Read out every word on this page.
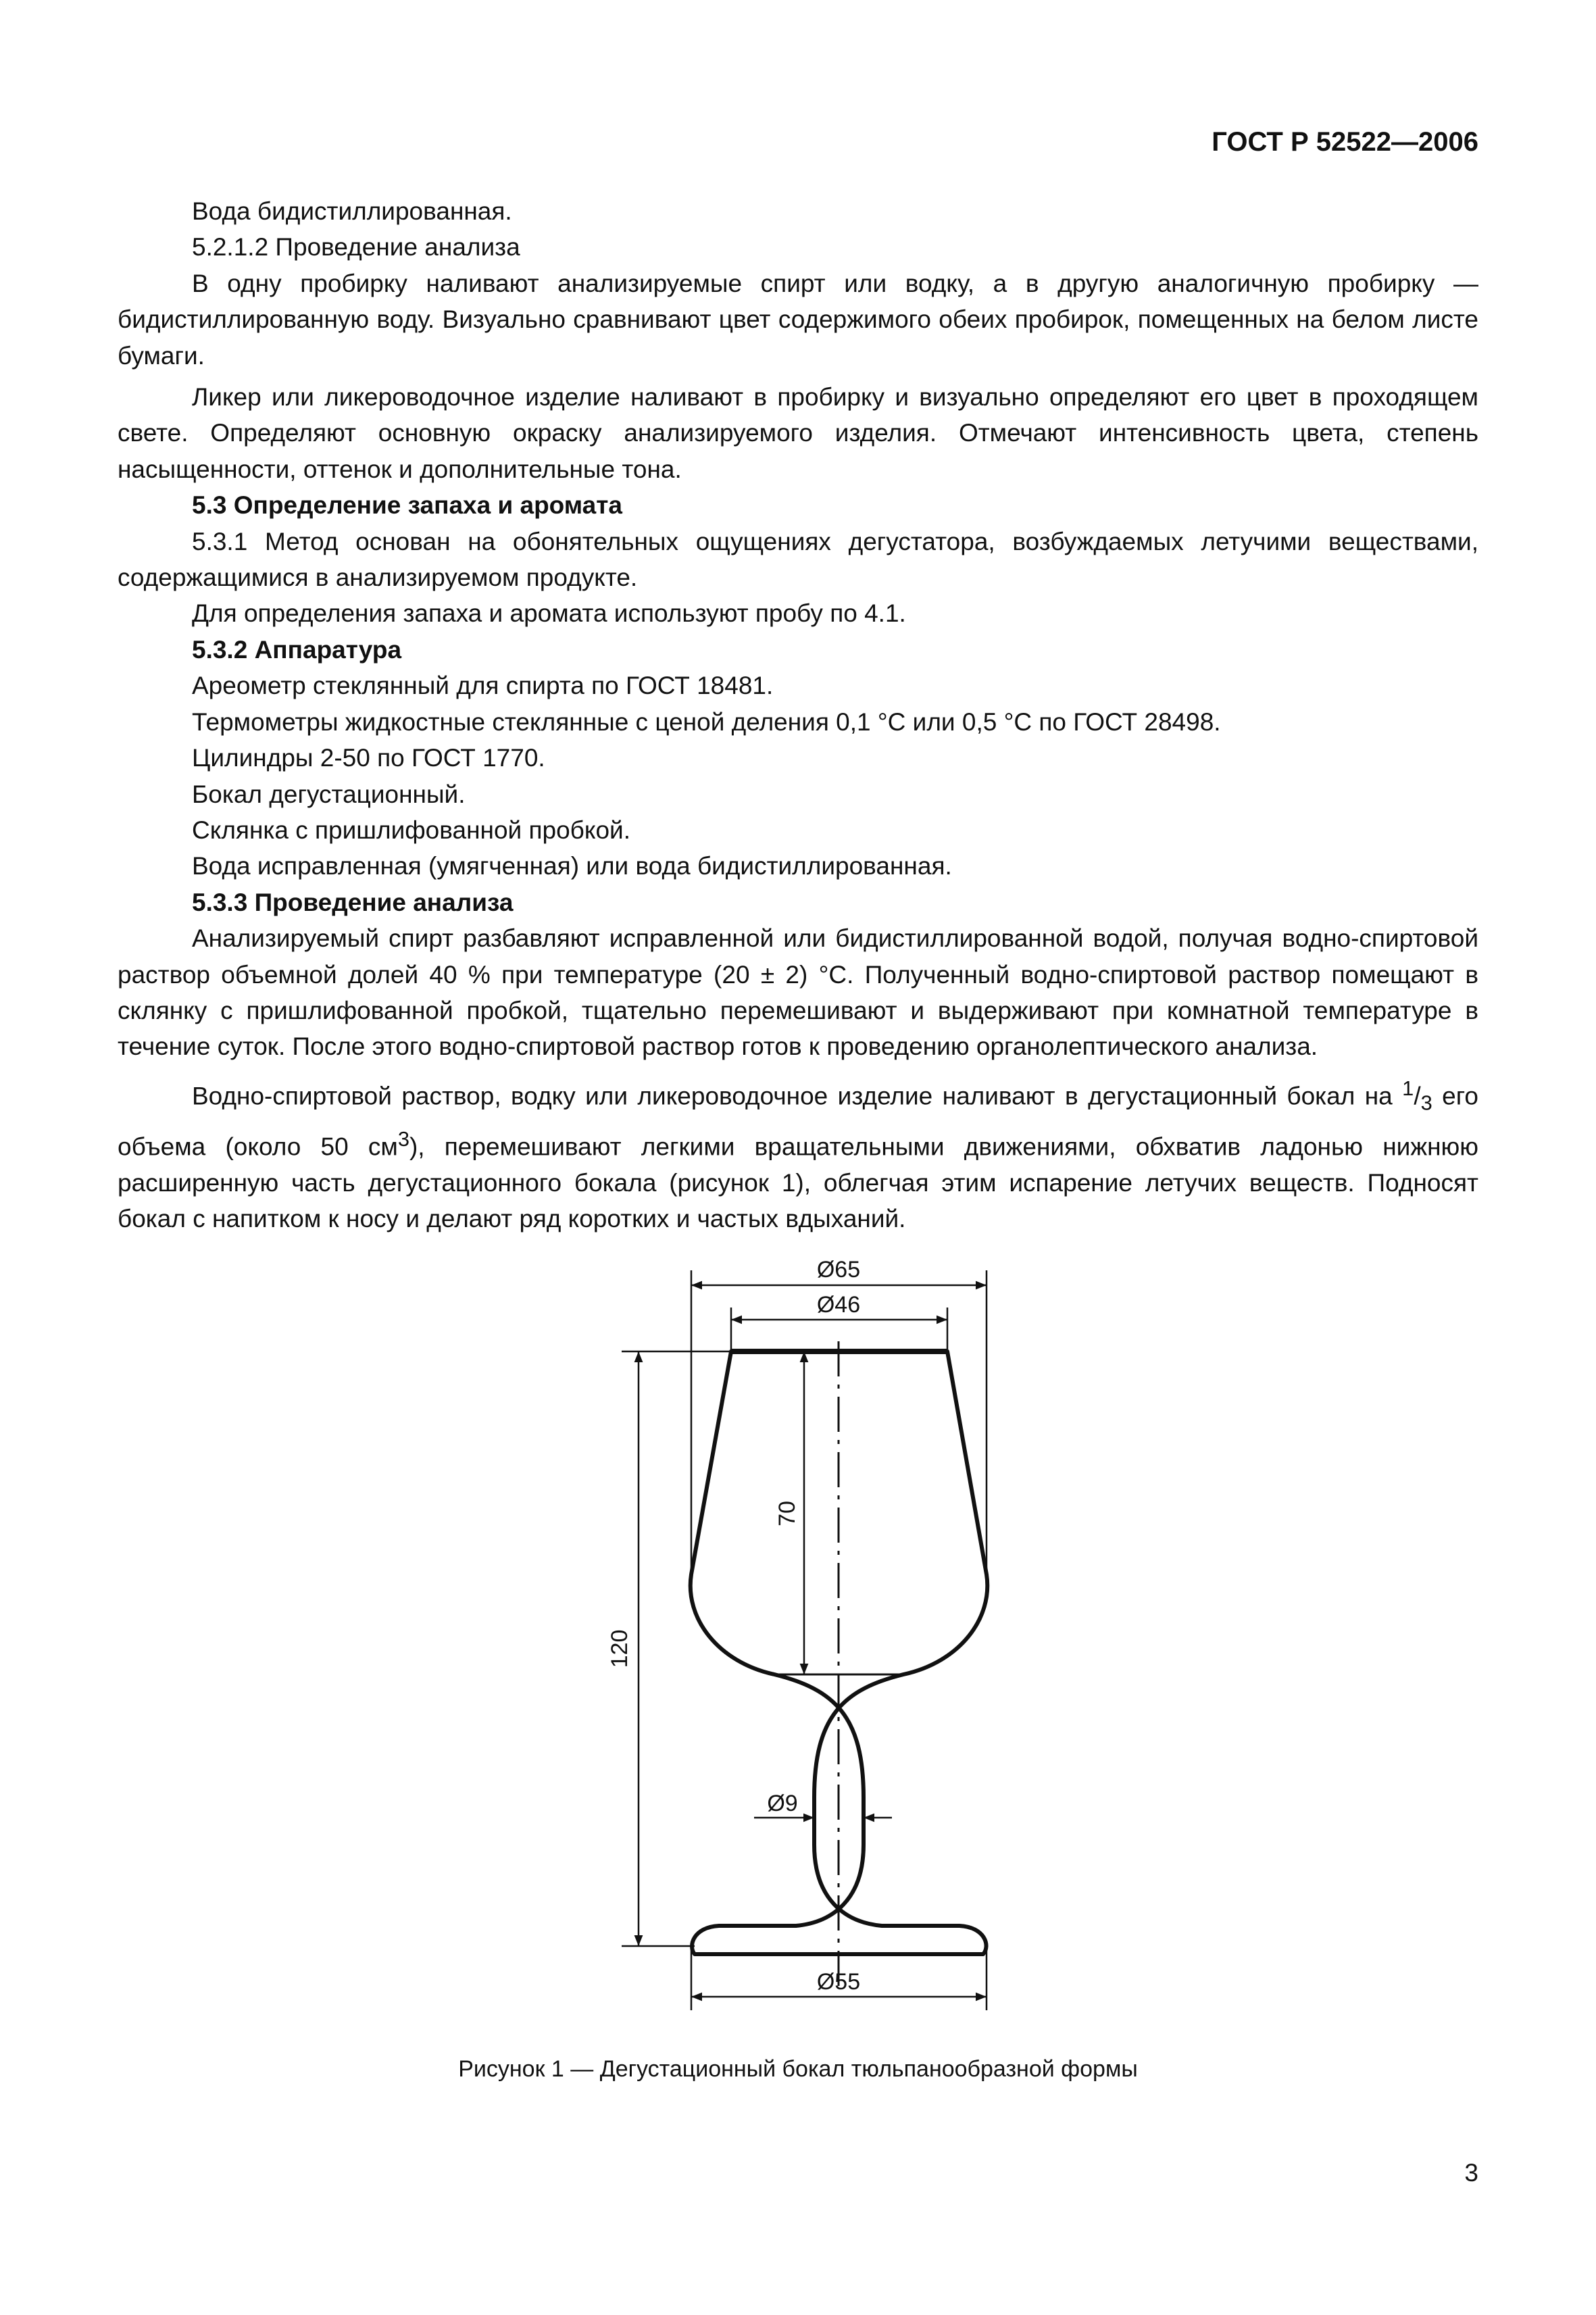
ГОСТ Р 52522—2006

Вода бидистиллированная.

5.2.1.2 Проведение анализа

В одну пробирку наливают анализируемые спирт или водку, а в другую аналогичную пробирку — бидистиллированную воду. Визуально сравнивают цвет содержимого обеих пробирок, помещенных на белом листе бумаги.

Ликер или ликероводочное изделие наливают в пробирку и визуально определяют его цвет в проходящем свете. Определяют основную окраску анализируемого изделия. Отмечают интенсивность цвета, степень насыщенности, оттенок и дополнительные тона.

5.3 Определение запаха и аромата

5.3.1 Метод основан на обонятельных ощущениях дегустатора, возбуждаемых летучими веществами, содержащимися в анализируемом продукте.

Для определения запаха и аромата используют пробу по 4.1.

5.3.2 Аппаратура

Ареометр стеклянный для спирта по ГОСТ 18481.

Термометры жидкостные стеклянные с ценой деления 0,1 °С или 0,5 °С по ГОСТ 28498.

Цилиндры 2-50 по ГОСТ 1770.

Бокал дегустационный.

Склянка с пришлифованной пробкой.

Вода исправленная (умягченная) или вода бидистиллированная.

5.3.3 Проведение анализа

Анализируемый спирт разбавляют исправленной или бидистиллированной водой, получая водно-спиртовой раствор объемной долей 40 % при температуре (20 ± 2) °С. Полученный водно-спиртовой раствор помещают в склянку с пришлифованной пробкой, тщательно перемешивают и выдерживают при комнатной температуре в течение суток. После этого водно-спиртовой раствор готов к проведению органолептического анализа.

Водно-спиртовой раствор, водку или ликероводочное изделие наливают в дегустационный бокал на $^1/_3$ его объема (около 50 $см^3$), перемешивают легкими вращательными движениями, обхватив ладонью нижнюю расширенную часть дегустационного бокала (рисунок 1), облегчая этим испарение летучих веществ. Подносят бокал с напитком к носу и делают ряд коротких и частых вдыханий.

Ø65
Ø46
120
70
Ø9
Ø55
Рисунок 1 — Дегустационный бокал тюльпанообразной формы
3
